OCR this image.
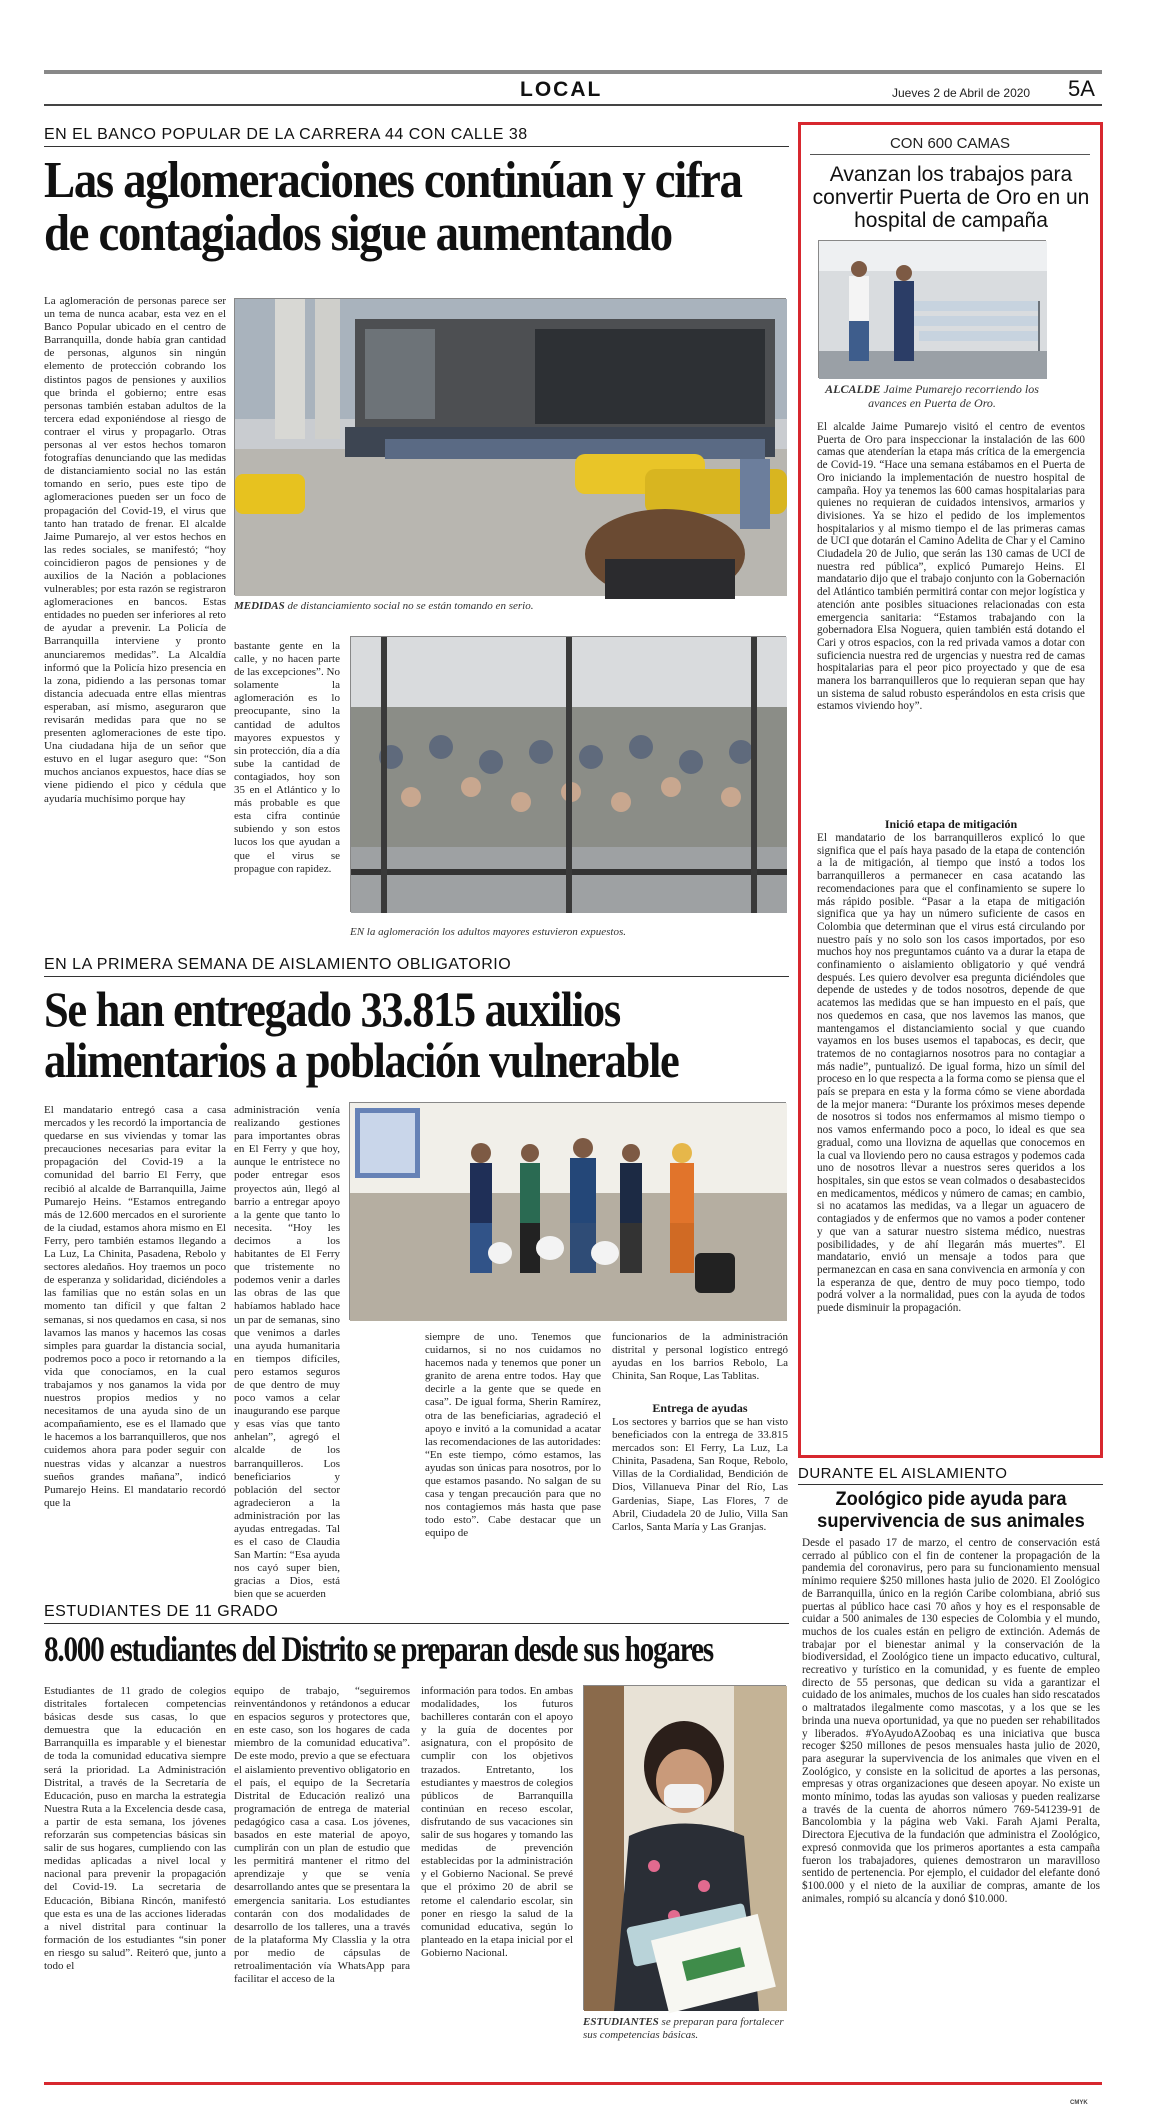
LOCAL	Jueves 2 de Abril de 2020 5A
EN EL BANCO POPULAR DE LA CARRERA 44 CON CALLE 38
Las aglomeraciones continúan y cifra de contagiados sigue aumentando
La aglomeración de personas parece ser un tema de nunca acabar, esta vez en el Banco Popular ubicado en el centro de Barranquilla, donde había gran cantidad de personas, algunos sin ningún elemento de protección cobrando los distintos pagos de pensiones y auxilios que brinda el gobierno; entre esas personas también estaban adultos de la tercera edad exponiéndose al riesgo de contraer el virus y propagarlo. Otras personas al ver estos hechos tomaron fotografías denunciando que las medidas de distanciamiento social no las están tomando en serio, pues este tipo de aglomeraciones pueden ser un foco de propagación del Covid-19, el virus que tanto han tratado de frenar. El alcalde Jaime Pumarejo, al ver estos hechos en las redes sociales, se manifestó; “hoy coincidieron pagos de pensiones y de auxilios de la Nación a poblaciones vulnerables; por esta razón se registraron aglomeraciones en bancos. Estas entidades no pueden ser inferiores al reto de ayudar a prevenir. La Policía de Barranquilla interviene y pronto anunciaremos medidas”. La Alcaldía informó que la Policía hizo presencia en la zona, pidiendo a las personas tomar distancia adecuada entre ellas mientras esperaban, así mismo, aseguraron que revisarán medidas para que no se presenten aglomeraciones de este tipo. Una ciudadana hija de un señor que estuvo en el lugar aseguro que: “Son muchos ancianos expuestos, hace días se viene pidiendo el pico y cédula que ayudaría muchísimo porque hay
MEDIDAS de distanciamiento social no se están tomando en serio.
bastante gente en la calle, y no hacen parte de las excepciones”. No solamente la aglomeración es lo preocupante, sino la cantidad de adultos mayores expuestos y sin protección, día a día sube la cantidad de contagiados, hoy son 35 en el Atlántico y lo más probable es que esta cifra continúe subiendo y son estos lucos los que ayudan a que el virus se propague con rapidez.
EN la aglomeración los adultos mayores estuvieron expuestos.
EN LA PRIMERA SEMANA DE AISLAMIENTO OBLIGATORIO
Se han entregado 33.815 auxilios alimentarios a población vulnerable
El mandatario entregó casa a casa mercados y les recordó la importancia de quedarse en sus viviendas y tomar las precauciones necesarias para evitar la propagación del Covid-19 a la comunidad del barrio El Ferry, que recibió al alcalde de Barranquilla, Jaime Pumarejo Heins. “Estamos entregando más de 12.600 mercados en el suroriente de la ciudad, estamos ahora mismo en El Ferry, pero también estamos llegando a La Luz, La Chinita, Pasadena, Rebolo y sectores aledaños. Hoy traemos un poco de esperanza y solidaridad, diciéndoles a las familias que no están solas en un momento tan difícil y que faltan 2 semanas, si nos quedamos en casa, si nos lavamos las manos y hacemos las cosas simples para guardar la distancia social, podremos poco a poco ir retornando a la vida que conocíamos, en la cual trabajamos y nos ganamos la vida por nuestros propios medios y no necesitamos de una ayuda sino de un acompañamiento, ese es el llamado que le hacemos a los barranquilleros, que nos cuidemos ahora para poder seguir con nuestras vidas y alcanzar a nuestros sueños grandes mañana”, indicó Pumarejo Heins. El mandatario recordó que la
administración venía realizando gestiones para importantes obras en El Ferry y que hoy, aunque le entristece no poder entregar esos proyectos aún, llegó al barrio a entregar apoyo a la gente que tanto lo necesita. “Hoy les decimos a los habitantes de El Ferry que tristemente no podemos venir a darles las obras de las que habíamos hablado hace un par de semanas, sino que venimos a darles una ayuda humanitaria en tiempos difíciles, pero estamos seguros de que dentro de muy poco vamos a celar inaugurando ese parque y esas vías que tanto anhelan”, agregó el alcalde de los barranquilleros. Los beneficiarios y población del sector agradecieron a la administración por las ayudas entregadas. Tal es el caso de Claudia San Martín: “Esa ayuda nos cayó super bien, gracias a Dios, está bien que se acuerden
siempre de uno. Tenemos que cuidarnos, si no nos cuidamos no hacemos nada y tenemos que poner un granito de arena entre todos. Hay que decirle a la gente que se quede en casa”. De igual forma, Sherin Ramírez, otra de las beneficiarias, agradeció el apoyo e invitó a la comunidad a acatar las recomendaciones de las autoridades: “En este tiempo, cómo estamos, las ayudas son únicas para nosotros, por lo que estamos pasando. No salgan de su casa y tengan precaución para que no nos contagiemos más hasta que pase todo esto”. Cabe destacar que un equipo de
funcionarios de la administración distrital y personal logístico entregó ayudas en los barrios Rebolo, La Chinita, San Roque, Las Tablitas.
Entrega de ayudas
Los sectores y barrios que se han visto beneficiados con la entrega de 33.815 mercados son: El Ferry, La Luz, La Chinita, Pasadena, San Roque, Rebolo, Villas de la Cordialidad, Bendición de Dios, Villanueva Pinar del Río, Las Gardenias, Siape, Las Flores, 7 de Abril, Ciudadela 20 de Julio, Villa San Carlos, Santa María y Las Granjas.
ESTUDIANTES DE 11 GRADO
8.000 estudiantes del Distrito se preparan desde sus hogares
Estudiantes de 11 grado de colegios distritales fortalecen competencias básicas desde sus casas, lo que demuestra que la educación en Barranquilla es imparable y el bienestar de toda la comunidad educativa siempre será la prioridad. La Administración Distrital, a través de la Secretaría de Educación, puso en marcha la estrategia Nuestra Ruta a la Excelencia desde casa, a partir de esta semana, los jóvenes reforzarán sus competencias básicas sin salir de sus hogares, cumpliendo con las medidas aplicadas a nivel local y nacional para prevenir la propagación del Covid-19. La secretaria de Educación, Bibiana Rincón, manifestó que esta es una de las acciones lideradas a nivel distrital para continuar la formación de los estudiantes “sin poner en riesgo su salud”. Reiteró que, junto a todo el
equipo de trabajo, “seguiremos reinventándonos y retándonos a educar en espacios seguros y protectores que, en este caso, son los hogares de cada miembro de la comunidad educativa”. De este modo, previo a que se efectuara el aislamiento preventivo obligatorio en el país, el equipo de la Secretaría Distrital de Educación realizó una programación de entrega de material pedagógico casa a casa. Los jóvenes, basados en este material de apoyo, cumplirán con un plan de estudio que les permitirá mantener el ritmo del aprendizaje y que se venía desarrollando antes que se presentara la emergencia sanitaria. Los estudiantes contarán con dos modalidades de desarrollo de los talleres, una a través de la plataforma My Classlia y la otra por medio de cápsulas de retroalimentación vía WhatsApp para facilitar el acceso de la
información para todos. En ambas modalidades, los futuros bachilleres contarán con el apoyo y la guía de docentes por asignatura, con el propósito de cumplir con los objetivos trazados. Entretanto, los estudiantes y maestros de colegios públicos de Barranquilla continúan en receso escolar, disfrutando de sus vacaciones sin salir de sus hogares y tomando las medidas de prevención establecidas por la administración y el Gobierno Nacional. Se prevé que el próximo 20 de abril se retome el calendario escolar, sin poner en riesgo la salud de la comunidad educativa, según lo planteado en la etapa inicial por el Gobierno Nacional.
ESTUDIANTES se preparan para fortalecer sus competencias básicas.
CON 600 CAMAS
Avanzan los trabajos para convertir Puerta de Oro en un hospital de campaña
ALCALDE Jaime Pumarejo recorriendo los avances en Puerta de Oro.
El alcalde Jaime Pumarejo visitó el centro de eventos Puerta de Oro para inspeccionar la instalación de las 600 camas que atenderían la etapa más crítica de la emergencia de Covid-19. “Hace una semana estábamos en el Puerta de Oro iniciando la implementación de nuestro hospital de campaña. Hoy ya tenemos las 600 camas hospitalarias para quienes no requieran de cuidados intensivos, armarios y divisiones. Ya se hizo el pedido de los implementos hospitalarios y al mismo tiempo el de las primeras camas de UCI que dotarán el Camino Adelita de Char y el Camino Ciudadela 20 de Julio, que serán las 130 camas de UCI de nuestra red pública”, explicó Pumarejo Heins. El mandatario dijo que el trabajo conjunto con la Gobernación del Atlántico también permitirá contar con mejor logística y atención ante posibles situaciones relacionadas con esta emergencia sanitaria: “Estamos trabajando con la gobernadora Elsa Noguera, quien también está dotando el Cari y otros espacios, con la red privada vamos a dotar con suficiencia nuestra red de urgencias y nuestra red de camas hospitalarias para el peor pico proyectado y que de esa manera los barranquilleros que lo requieran sepan que hay un sistema de salud robusto esperándolos en esta crisis que estamos viviendo hoy”.
Inició etapa de mitigación
El mandatario de los barranquilleros explicó lo que significa que el país haya pasado de la etapa de contención a la de mitigación, al tiempo que instó a todos los barranquilleros a permanecer en casa acatando las recomendaciones para que el confinamiento se supere lo más rápido posible. “Pasar a la etapa de mitigación significa que ya hay un número suficiente de casos en Colombia que determinan que el virus está circulando por nuestro país y no solo son los casos importados, por eso muchos hoy nos preguntamos cuánto va a durar la etapa de confinamiento o aislamiento obligatorio y qué vendrá después. Les quiero devolver esa pregunta diciéndoles que depende de ustedes y de todos nosotros, depende de que acatemos las medidas que se han impuesto en el país, que nos quedemos en casa, que nos lavemos las manos, que mantengamos el distanciamiento social y que cuando vayamos en los buses usemos el tapabocas, es decir, que tratemos de no contagiarnos nosotros para no contagiar a más nadie”, puntualizó. De igual forma, hizo un símil del proceso en lo que respecta a la forma como se piensa que el país se prepara en esta y la forma cómo se viene abordada de la mejor manera: “Durante los próximos meses depende de nosotros si todos nos enfermamos al mismo tiempo o nos vamos enfermando poco a poco, lo ideal es que sea gradual, como una llovizna de aquellas que conocemos en la cual va lloviendo pero no causa estragos y podemos cada uno de nosotros llevar a nuestros seres queridos a los hospitales, sin que estos se vean colmados o desabastecidos en medicamentos, médicos y número de camas; en cambio, si no acatamos las medidas, va a llegar un aguacero de contagiados y de enfermos que no vamos a poder contener y que van a saturar nuestro sistema médico, nuestras posibilidades, y de ahí llegarán más muertes”. El mandatario, envió un mensaje a todos para que permanezcan en casa en sana convivencia en armonía y con la esperanza de que, dentro de muy poco tiempo, todo podrá volver a la normalidad, pues con la ayuda de todos puede disminuir la propagación.
DURANTE EL AISLAMIENTO
Zoológico pide ayuda para supervivencia de sus animales
Desde el pasado 17 de marzo, el centro de conservación está cerrado al público con el fin de contener la propagación de la pandemia del coronavirus, pero para su funcionamiento mensual mínimo requiere $250 millones hasta julio de 2020. El Zoológico de Barranquilla, único en la región Caribe colombiana, abrió sus puertas al público hace casi 70 años y hoy es el responsable de cuidar a 500 animales de 130 especies de Colombia y el mundo, muchos de los cuales están en peligro de extinción. Además de trabajar por el bienestar animal y la conservación de la biodiversidad, el Zoológico tiene un impacto educativo, cultural, recreativo y turístico en la comunidad, y es fuente de empleo directo de 55 personas, que dedican su vida a garantizar el cuidado de los animales, muchos de los cuales han sido rescatados o maltratados ilegalmente como mascotas, y a los que se les brinda una nueva oportunidad, ya que no pueden ser rehabilitados y liberados. #YoAyudoAZoobaq es una iniciativa que busca recoger $250 millones de pesos mensuales hasta julio de 2020, para asegurar la supervivencia de los animales que viven en el Zoológico, y consiste en la solicitud de aportes a las personas, empresas y otras organizaciones que deseen apoyar. No existe un monto mínimo, todas las ayudas son valiosas y pueden realizarse a través de la cuenta de ahorros número 769-541239-91 de Bancolombia y la página web Vaki. Farah Ajami Peralta, Directora Ejecutiva de la fundación que administra el Zoológico, expresó conmovida que los primeros aportantes a esta campaña fueron los trabajadores, quienes demostraron un maravilloso sentido de pertenencia. Por ejemplo, el cuidador del elefante donó $100.000 y el nieto de la auxiliar de compras, amante de los animales, rompió su alcancía y donó $10.000.
CMYK
